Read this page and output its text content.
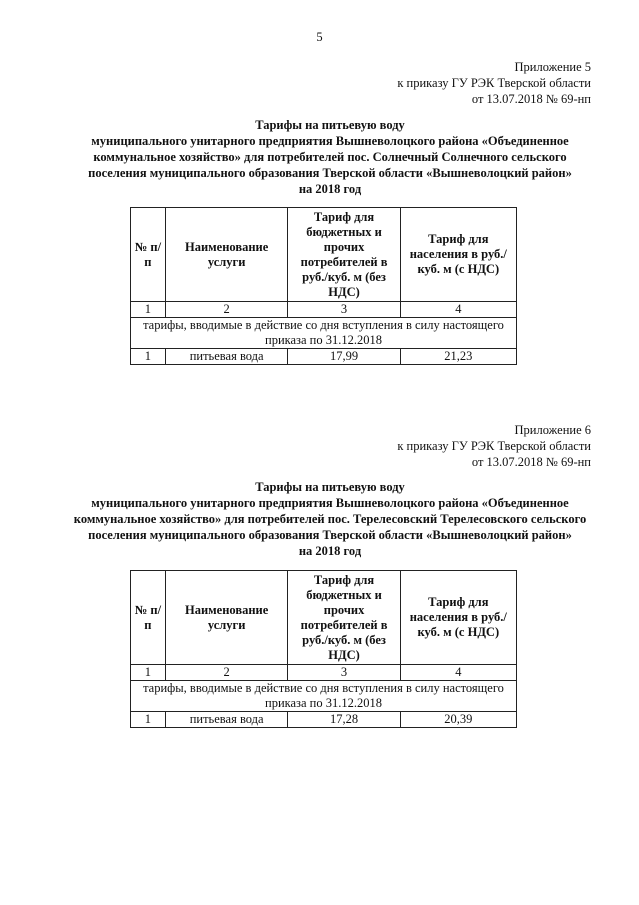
5
Приложение 5
к приказу ГУ РЭК Тверской области
от 13.07.2018 № 69-нп
Тарифы на питьевую воду
муниципального унитарного предприятия Вышневолоцкого района «Объединенное
коммунальное хозяйство» для потребителей пос. Солнечный Солнечного сельского
поселения муниципального образования Тверской области «Вышневолоцкий район»
на 2018 год
№ п/п	Наименование услуги	Тариф для бюджетных и прочих потребителей в руб./куб. м (без НДС)	Тариф для населения в руб./куб. м (с НДС)
1	2	3	4
тарифы, вводимые в действие со дня вступления в силу настоящего приказа по 31.12.2018			
1	питьевая вода	17,99	21,23
Приложение 6
к приказу ГУ РЭК Тверской области
от 13.07.2018 № 69-нп
Тарифы на питьевую воду
муниципального унитарного предприятия Вышневолоцкого района «Объединенное
коммунальное хозяйство» для потребителей пос. Терелесовский Терелесовского сельского
поселения муниципального образования Тверской области «Вышневолоцкий район»
на 2018 год
№ п/п	Наименование услуги	Тариф для бюджетных и прочих потребителей в руб./куб. м (без НДС)	Тариф для населения в руб./куб. м (с НДС)
1	2	3	4
тарифы, вводимые в действие со дня вступления в силу настоящего приказа по 31.12.2018			
1	питьевая вода	17,28	20,39
